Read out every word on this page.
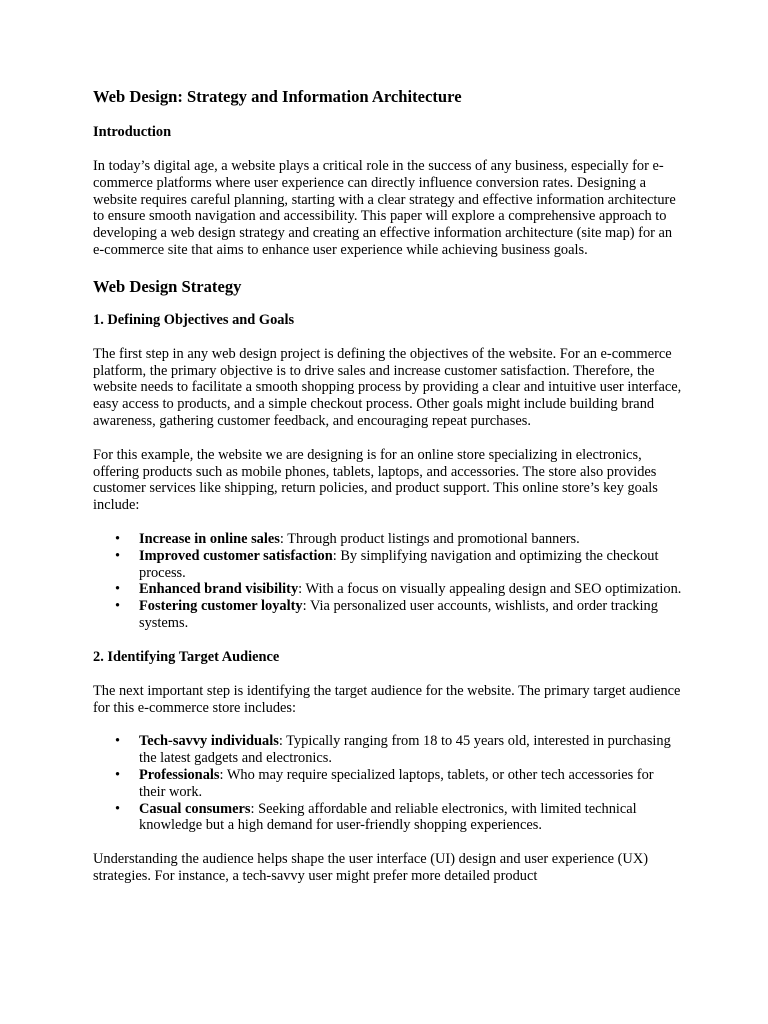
Web Design: Strategy and Information Architecture
Introduction

In today’s digital age, a website plays a critical role in the success of any business, especially for e-commerce platforms where user experience can directly influence conversion rates. Designing a website requires careful planning, starting with a clear strategy and effective information architecture to ensure smooth navigation and accessibility. This paper will explore a comprehensive approach to developing a web design strategy and creating an effective information architecture (site map) for an e-commerce site that aims to enhance user experience while achieving business goals.

Web Design Strategy
1. Defining Objectives and Goals

The first step in any web design project is defining the objectives of the website. For an e-commerce platform, the primary objective is to drive sales and increase customer satisfaction. Therefore, the website needs to facilitate a smooth shopping process by providing a clear and intuitive user interface, easy access to products, and a simple checkout process. Other goals might include building brand awareness, gathering customer feedback, and encouraging repeat purchases.

For this example, the website we are designing is for an online store specializing in electronics, offering products such as mobile phones, tablets, laptops, and accessories. The store also provides customer services like shipping, return policies, and product support. This online store’s key goals include:

• Increase in online sales: Through product listings and promotional banners.
• Improved customer satisfaction: By simplifying navigation and optimizing the checkout process.
• Enhanced brand visibility: With a focus on visually appealing design and SEO optimization.
• Fostering customer loyalty: Via personalized user accounts, wishlists, and order tracking systems.
2. Identifying Target Audience

The next important step is identifying the target audience for the website. The primary target audience for this e-commerce store includes:

• Tech-savvy individuals: Typically ranging from 18 to 45 years old, interested in purchasing the latest gadgets and electronics.
• Professionals: Who may require specialized laptops, tablets, or other tech accessories for their work.
• Casual consumers: Seeking affordable and reliable electronics, with limited technical knowledge but a high demand for user-friendly shopping experiences.

Understanding the audience helps shape the user interface (UI) design and user experience (UX) strategies. For instance, a tech-savvy user might prefer more detailed product
